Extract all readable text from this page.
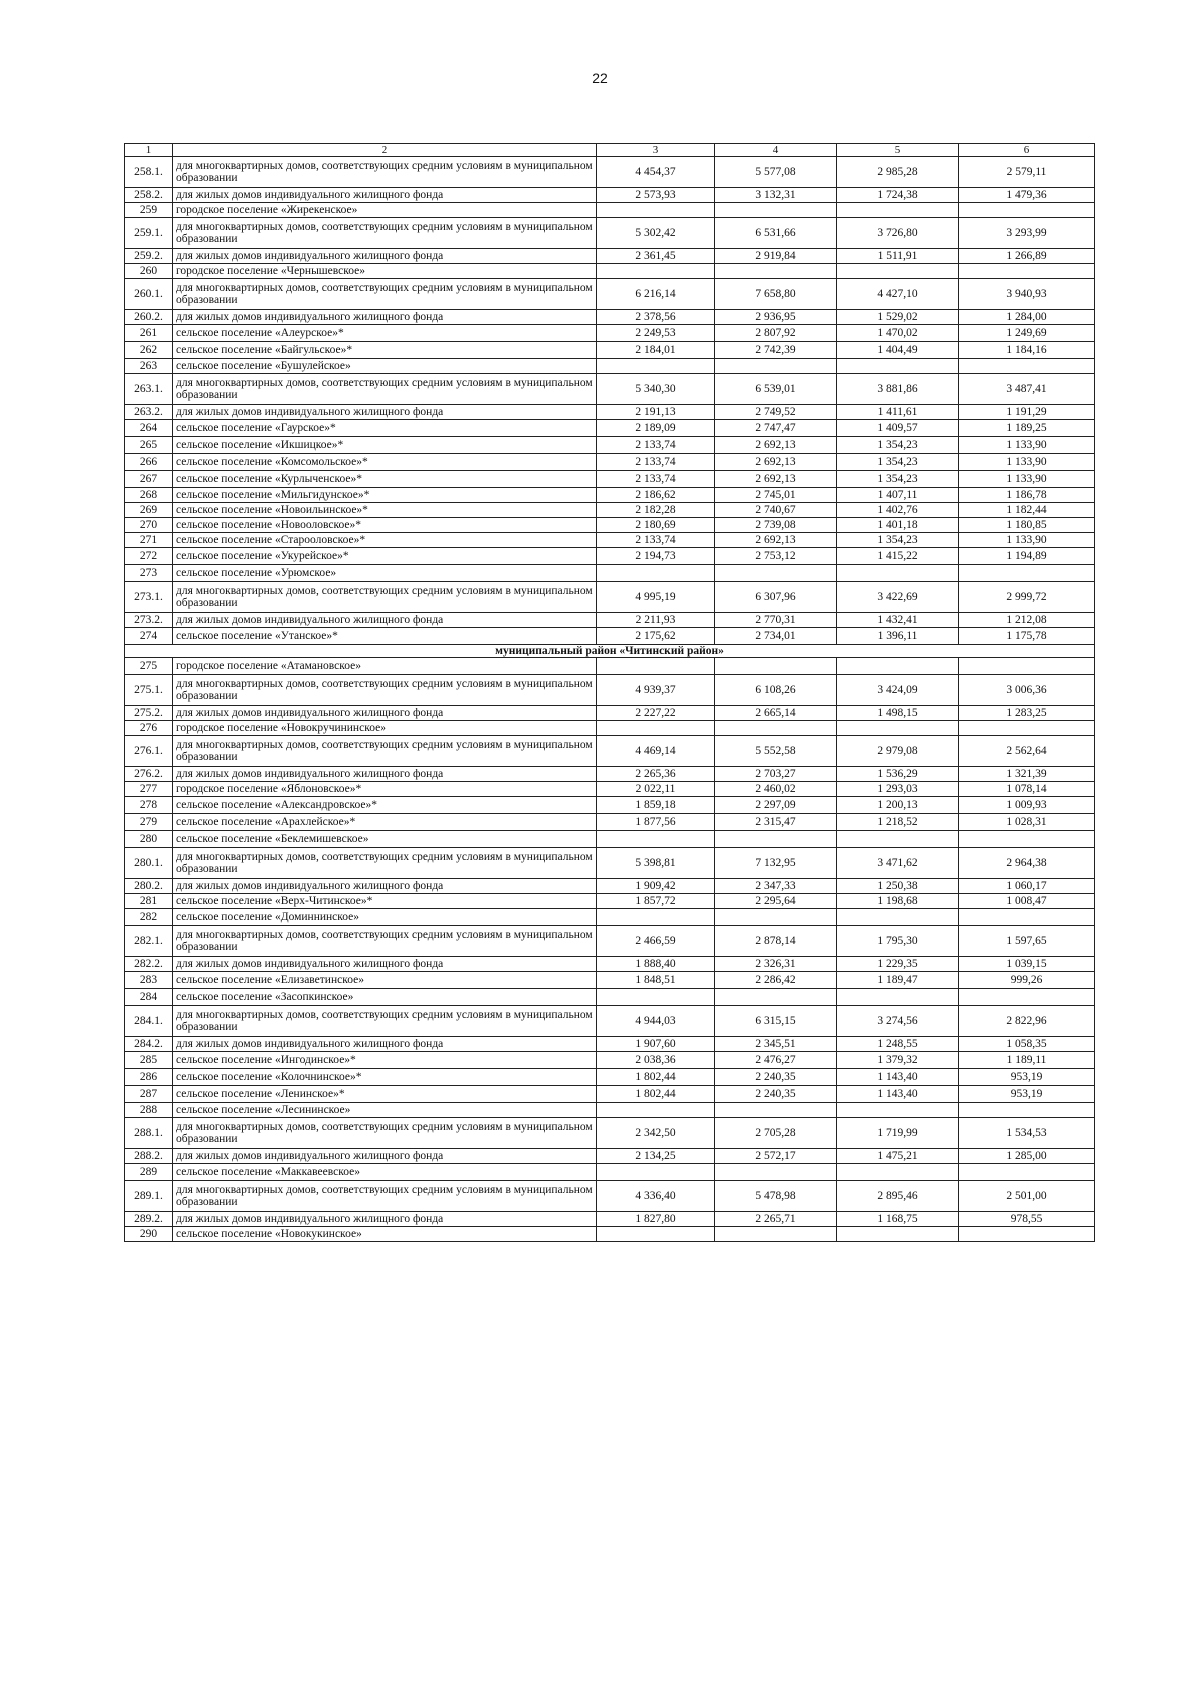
22
1	2	3	4	5	6
258.1.	для многоквартирных домов, соответствующих средним условиям в муниципальном образовании	4 454,37	5 577,08	2 985,28	2 579,11
258.2.	для жилых домов индивидуального жилищного фонда	2 573,93	3 132,31	1 724,38	1 479,36
259	городское поселение «Жирекенское»				
259.1.	для многоквартирных домов, соответствующих средним условиям в муниципальном образовании	5 302,42	6 531,66	3 726,80	3 293,99
259.2.	для жилых домов индивидуального жилищного фонда	2 361,45	2 919,84	1 511,91	1 266,89
260	городское поселение «Чернышевское»				
260.1.	для многоквартирных домов, соответствующих средним условиям в муниципальном образовании	6 216,14	7 658,80	4 427,10	3 940,93
260.2.	для жилых домов индивидуального жилищного фонда	2 378,56	2 936,95	1 529,02	1 284,00
261	сельское поселение «Алеурское»*	2 249,53	2 807,92	1 470,02	1 249,69
262	сельское поселение «Байгульское»*	2 184,01	2 742,39	1 404,49	1 184,16
263	сельское поселение «Бушулейское»				
263.1.	для многоквартирных домов, соответствующих средним условиям в муниципальном образовании	5 340,30	6 539,01	3 881,86	3 487,41
263.2.	для жилых домов индивидуального жилищного фонда	2 191,13	2 749,52	1 411,61	1 191,29
264	сельское поселение «Гаурское»*	2 189,09	2 747,47	1 409,57	1 189,25
265	сельское поселение «Икшицкое»*	2 133,74	2 692,13	1 354,23	1 133,90
266	сельское поселение «Комсомольское»*	2 133,74	2 692,13	1 354,23	1 133,90
267	сельское поселение «Курлыченское»*	2 133,74	2 692,13	1 354,23	1 133,90
268	сельское поселение «Мильгидунское»*	2 186,62	2 745,01	1 407,11	1 186,78
269	сельское поселение «Новоильинское»*	2 182,28	2 740,67	1 402,76	1 182,44
270	сельское поселение «Новооловское»*	2 180,69	2 739,08	1 401,18	1 180,85
271	сельское поселение «Старооловское»*	2 133,74	2 692,13	1 354,23	1 133,90
272	сельское поселение «Укурейское»*	2 194,73	2 753,12	1 415,22	1 194,89
273	сельское поселение «Урюмское»				
273.1.	для многоквартирных домов, соответствующих средним условиям в муниципальном образовании	4 995,19	6 307,96	3 422,69	2 999,72
273.2.	для жилых домов индивидуального жилищного фонда	2 211,93	2 770,31	1 432,41	1 212,08
274	сельское поселение «Утанское»*	2 175,62	2 734,01	1 396,11	1 175,78
муниципальный район «Читинский район»					
275	городское поселение «Атамановское»				
275.1.	для многоквартирных домов, соответствующих средним условиям в муниципальном образовании	4 939,37	6 108,26	3 424,09	3 006,36
275.2.	для жилых домов индивидуального жилищного фонда	2 227,22	2 665,14	1 498,15	1 283,25
276	городское поселение «Новокручининское»				
276.1.	для многоквартирных домов, соответствующих средним условиям в муниципальном образовании	4 469,14	5 552,58	2 979,08	2 562,64
276.2.	для жилых домов индивидуального жилищного фонда	2 265,36	2 703,27	1 536,29	1 321,39
277	городское поселение «Яблоновское»*	2 022,11	2 460,02	1 293,03	1 078,14
278	сельское поселение «Александровское»*	1 859,18	2 297,09	1 200,13	1 009,93
279	сельское поселение «Арахлейское»*	1 877,56	2 315,47	1 218,52	1 028,31
280	сельское поселение «Беклемишевское»				
280.1.	для многоквартирных домов, соответствующих средним условиям в муниципальном образовании	5 398,81	7 132,95	3 471,62	2 964,38
280.2.	для жилых домов индивидуального жилищного фонда	1 909,42	2 347,33	1 250,38	1 060,17
281	сельское поселение «Верх-Читинское»*	1 857,72	2 295,64	1 198,68	1 008,47
282	сельское поселение «Доминнинское»				
282.1.	для многоквартирных домов, соответствующих средним условиям в муниципальном образовании	2 466,59	2 878,14	1 795,30	1 597,65
282.2.	для жилых домов индивидуального жилищного фонда	1 888,40	2 326,31	1 229,35	1 039,15
283	сельское поселение «Елизаветинское»	1 848,51	2 286,42	1 189,47	999,26
284	сельское поселение «Засопкинское»				
284.1.	для многоквартирных домов, соответствующих средним условиям в муниципальном образовании	4 944,03	6 315,15	3 274,56	2 822,96
284.2.	для жилых домов индивидуального жилищного фонда	1 907,60	2 345,51	1 248,55	1 058,35
285	сельское поселение «Ингодинское»*	2 038,36	2 476,27	1 379,32	1 189,11
286	сельское поселение «Колочнинское»*	1 802,44	2 240,35	1 143,40	953,19
287	сельское поселение «Ленинское»*	1 802,44	2 240,35	1 143,40	953,19
288	сельское поселение «Лесининское»				
288.1.	для многоквартирных домов, соответствующих средним условиям в муниципальном образовании	2 342,50	2 705,28	1 719,99	1 534,53
288.2.	для жилых домов индивидуального жилищного фонда	2 134,25	2 572,17	1 475,21	1 285,00
289	сельское поселение «Маккавеевское»				
289.1.	для многоквартирных домов, соответствующих средним условиям в муниципальном образовании	4 336,40	5 478,98	2 895,46	2 501,00
289.2.	для жилых домов индивидуального жилищного фонда	1 827,80	2 265,71	1 168,75	978,55
290	сельское поселение «Новокукинское»				
